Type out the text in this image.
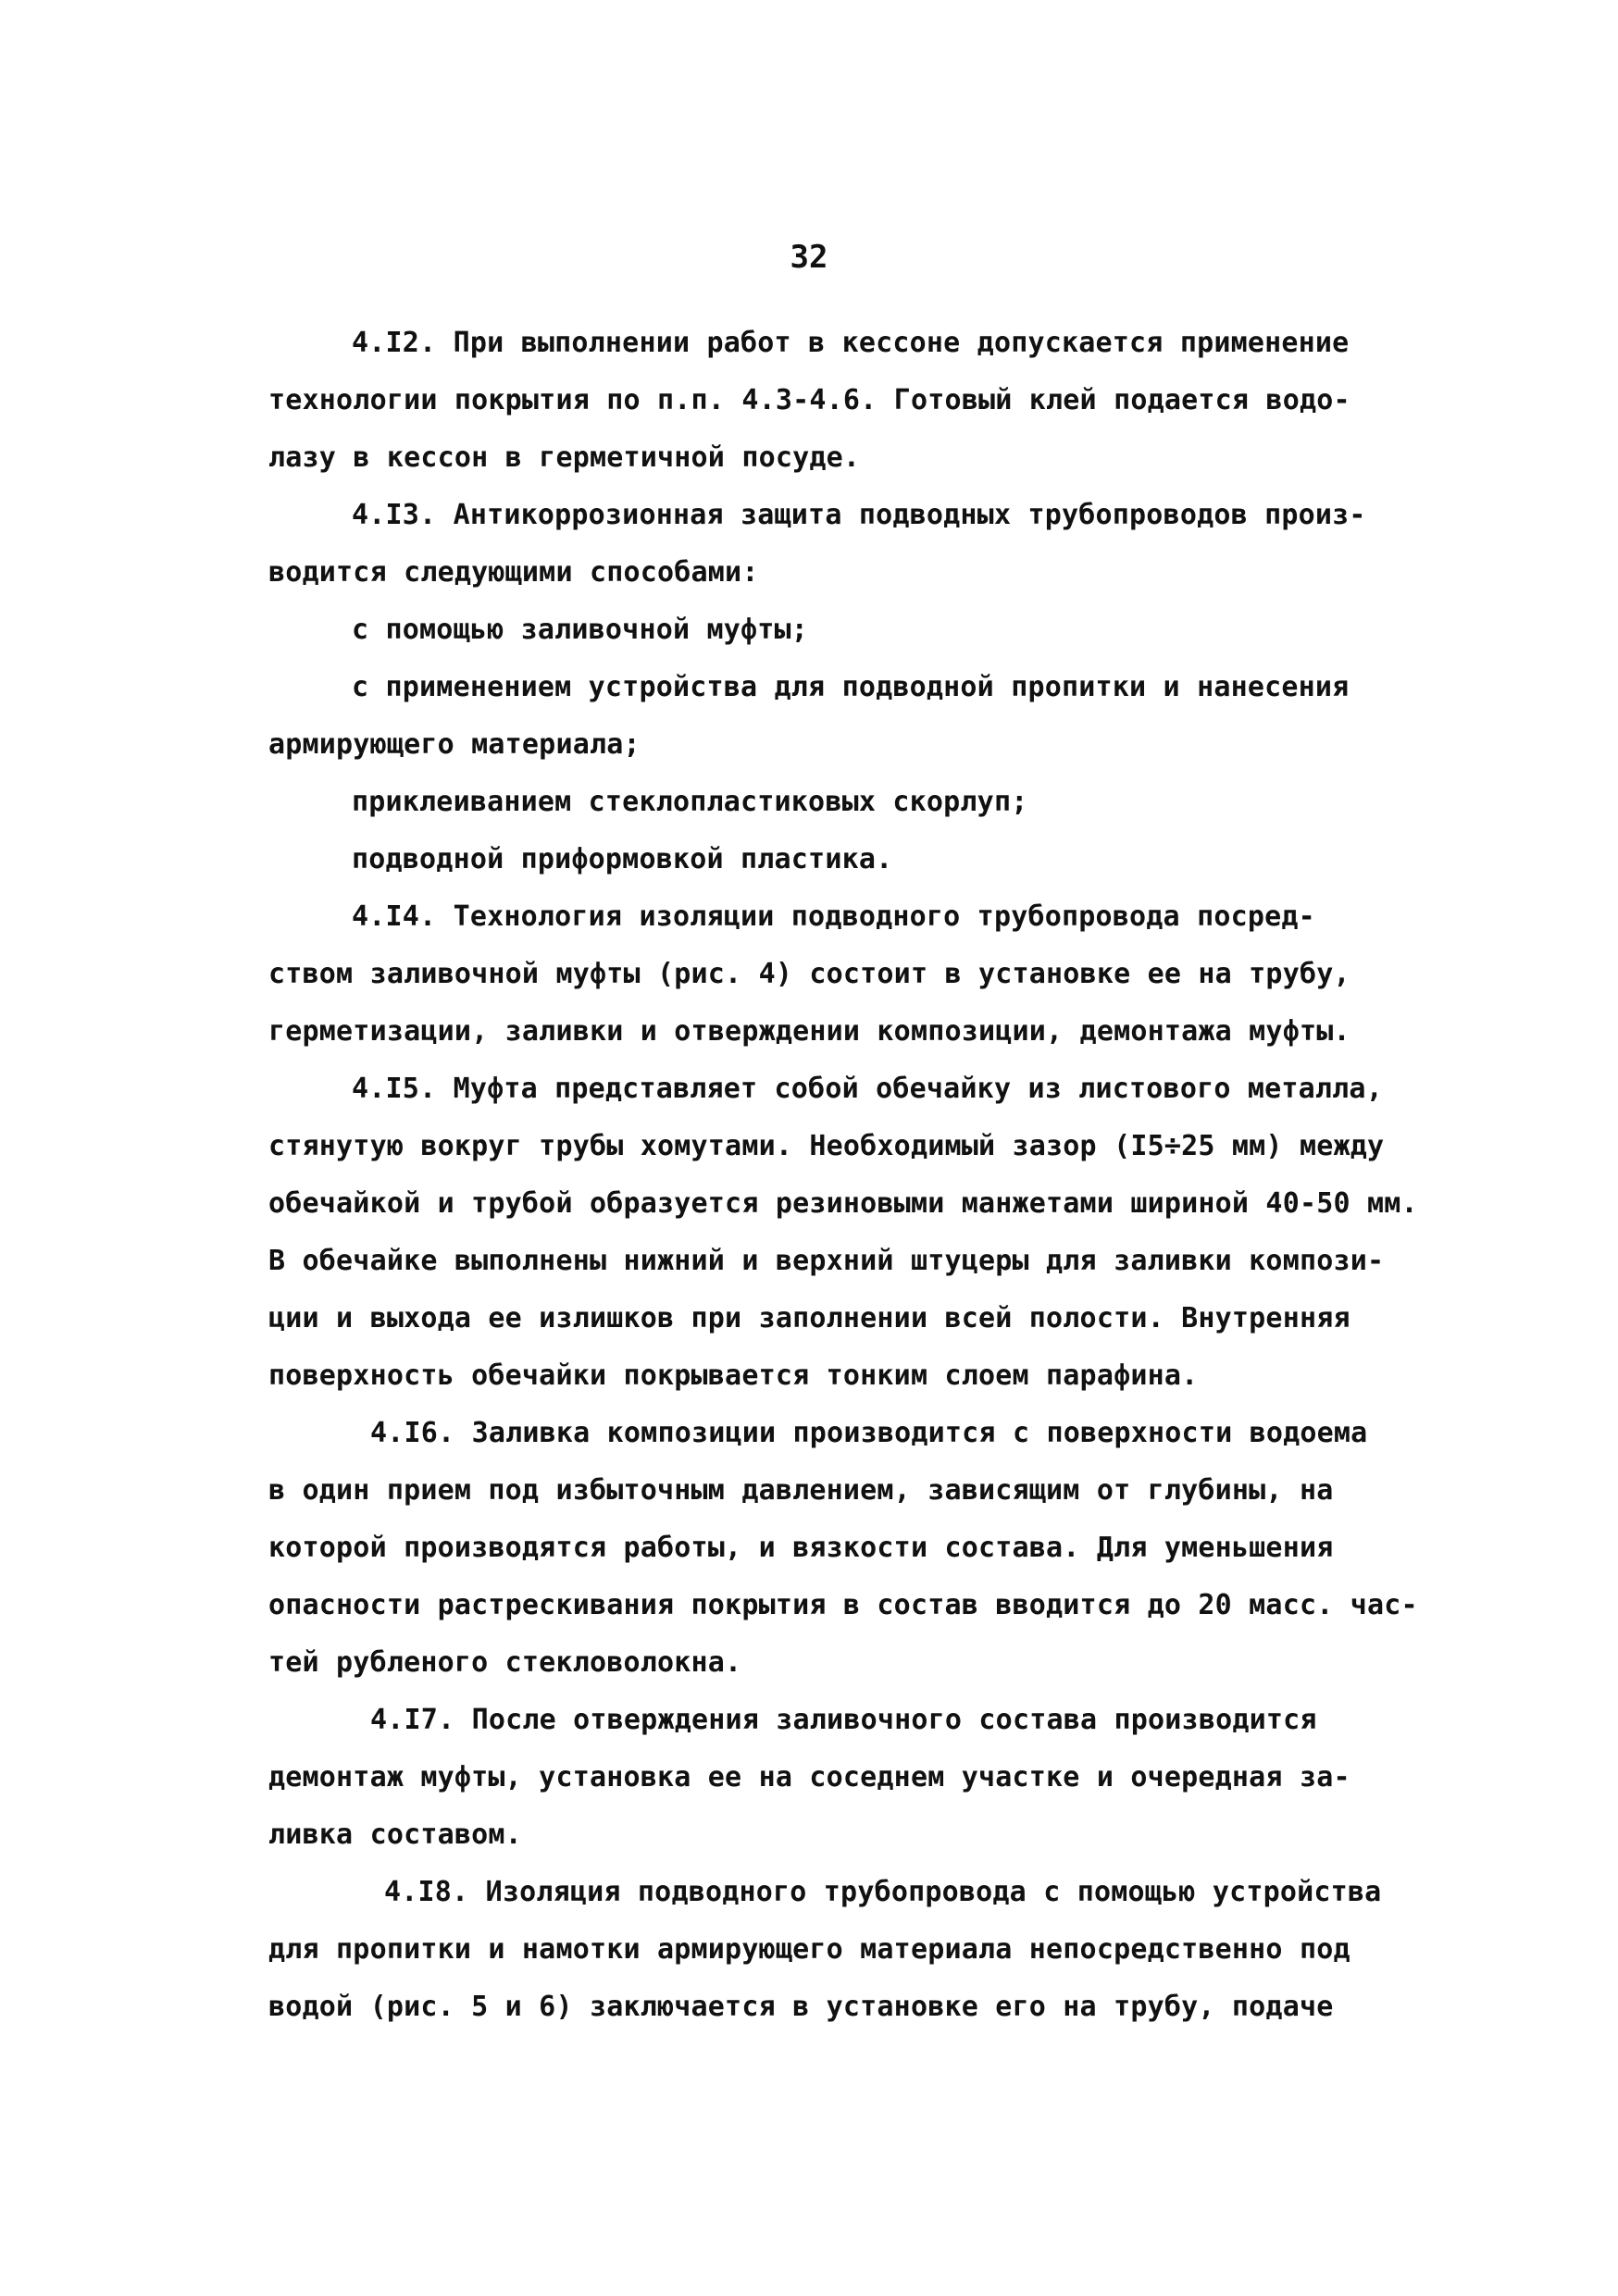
32
4.I2. При выполнении работ в кессоне допускается применение
технологии покрытия по п.п. 4.3-4.6. Готовый клей подается водо-
лазу в кессон в герметичной посуде.
4.I3. Антикоррозионная защита подводных трубопроводов произ-
водится следующими способами:
с помощью заливочной муфты;
с применением устройства для подводной пропитки и нанесения
армирующего материала;
приклеиванием стеклопластиковых скорлуп;
подводной приформовкой пластика.
4.I4. Технология изоляции подводного трубопровода посред-
ством заливочной муфты (рис. 4) состоит в установке ее на трубу,
герметизации, заливки и отверждении композиции, демонтажа муфты.
4.I5. Муфта представляет собой обечайку из листового металла,
стянутую вокруг трубы хомутами. Необходимый зазор (I5÷25 мм) между
обечайкой и трубой образуется резиновыми манжетами шириной 40-50 мм.
В обечайке выполнены нижний и верхний штуцеры для заливки компози-
ции и выхода ее излишков при заполнении всей полости. Внутренняя
поверхность обечайки покрывается тонким слоем парафина.
4.I6. Заливка композиции производится с поверхности водоема
в один прием под избыточным давлением, зависящим от глубины, на
которой производятся работы, и вязкости состава. Для уменьшения
опасности растрескивания покрытия в состав вводится до 20 масс. час-
тей рубленого стекловолокна.
4.I7. После отверждения заливочного состава производится
демонтаж муфты, установка ее на соседнем участке и очередная за-
ливка составом.
4.I8. Изоляция подводного трубопровода с помощью устройства
для пропитки и намотки армирующего материала непосредственно под
водой (рис. 5 и 6) заключается в установке его на трубу, подаче
